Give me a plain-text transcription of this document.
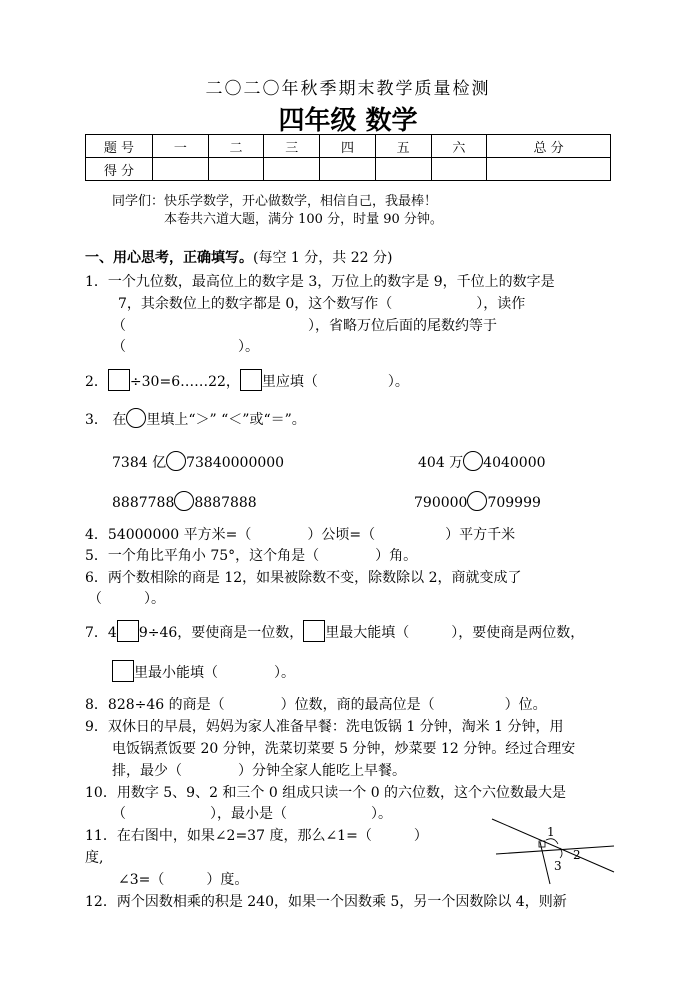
二〇二〇年秋季期末教学质量检测
四年级 数学
题 号	一	二	三	四	五	六	总 分
得 分							
同学们：快乐学数学，开心做数学，相信自己，我最棒！
本卷共六道大题，满分 100 分，时量 90 分钟。
一、用心思考，正确填写。(每空 1 分，共 22 分)
1．一个九位数，最高位上的数字是 3，万位上的数字是 9，千位上的数字是
7，其余数位上的数字都是 0，这个数写作（　　　　　　），读作
（　　　　　　　　　　　　　），省略万位后面的尾数约等于
（　　　　　　　　）。
2． ÷30=6……22， 里应填（　　　　　）。
3． 在 里填上“＞” “＜”或“＝”。
7384 亿 73840000000	404 万 4040000
8887788 8887888	790000 709999
4．54000000 平方米=（　　　　）公顷=（　　　　　）平方千米
5．一个角比平角小 75°，这个角是（　　　　）角。
6．两个数相除的商是 12，如果被除数不变，除数除以 2，商就变成了
（　　　）。
7．4 9÷46，要使商是一位数， 里最大能填（　　　），要使商是两位数，
里最小能填（　　　　）。
8．828÷46 的商是（　　　　）位数，商的最高位是（　　　　　）位。
9．双休日的早晨，妈妈为家人准备早餐：洗电饭锅 1 分钟，淘米 1 分钟，用
电饭锅煮饭要 20 分钟，洗菜切菜要 5 分钟，炒菜要 12 分钟。经过合理安
排，最少（　　　　）分钟全家人能吃上早餐。
10．用数字 5、9、2 和三个 0 组成只读一个 0 的六位数，这个六位数最大是
（　　　　　　），最小是（　　　　　　）。
11．在右图中，如果∠2=37 度，那么∠1=（　　　）
度,
∠3=（　　　）度。
1
2
3
12．两个因数相乘的积是 240，如果一个因数乘 5，另一个因数除以 4，则新
